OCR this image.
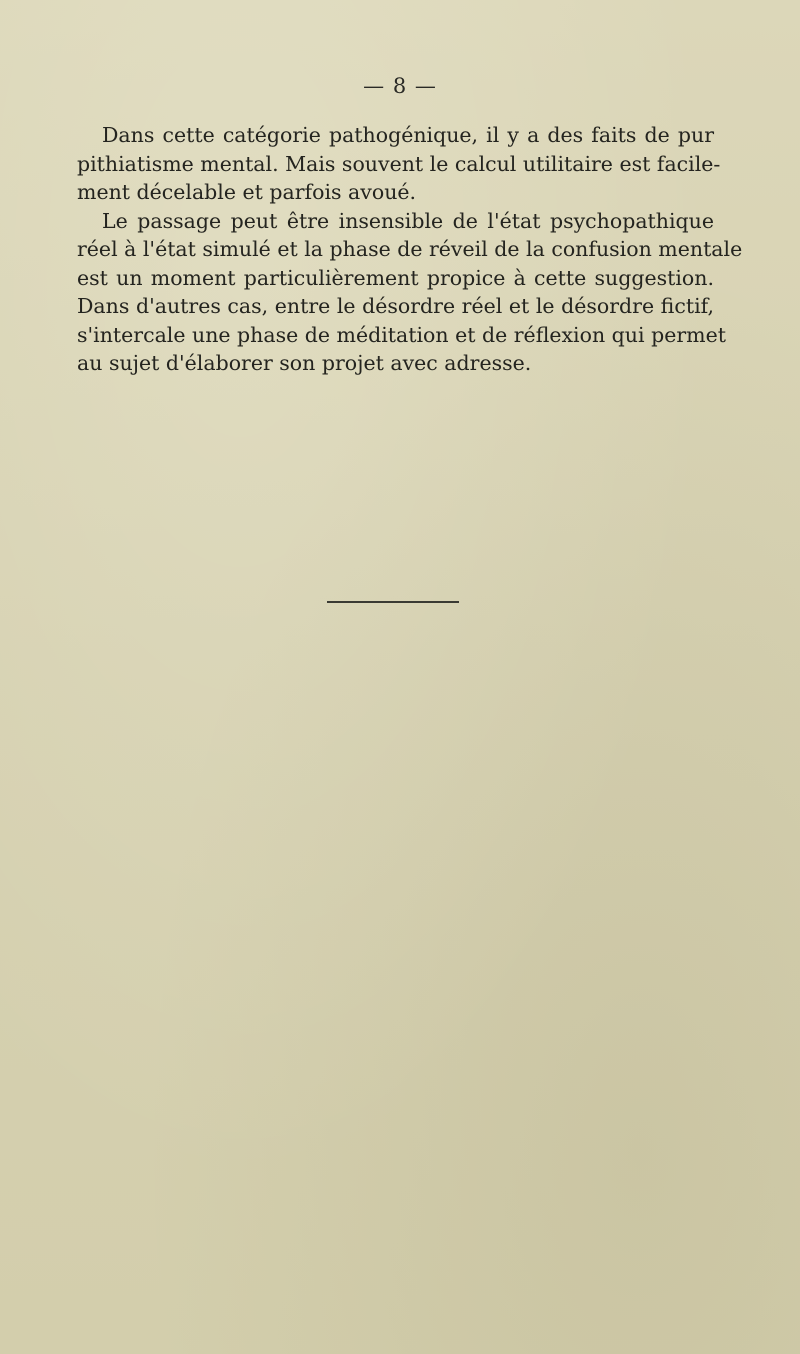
— 8 —
Dans cette catégorie pathogénique, il y a des faits de pur
pithiatisme mental. Mais souvent le calcul utilitaire est facile-
ment décelable et parfois avoué.
Le passage peut être insensible de l'état psychopathique
réel à l'état simulé et la phase de réveil de la confusion mentale
est un moment particulièrement propice à cette suggestion.
Dans d'autres cas, entre le désordre réel et le désordre fictif,
s'intercale une phase de méditation et de réflexion qui permet
au sujet d'élaborer son projet avec adresse.
